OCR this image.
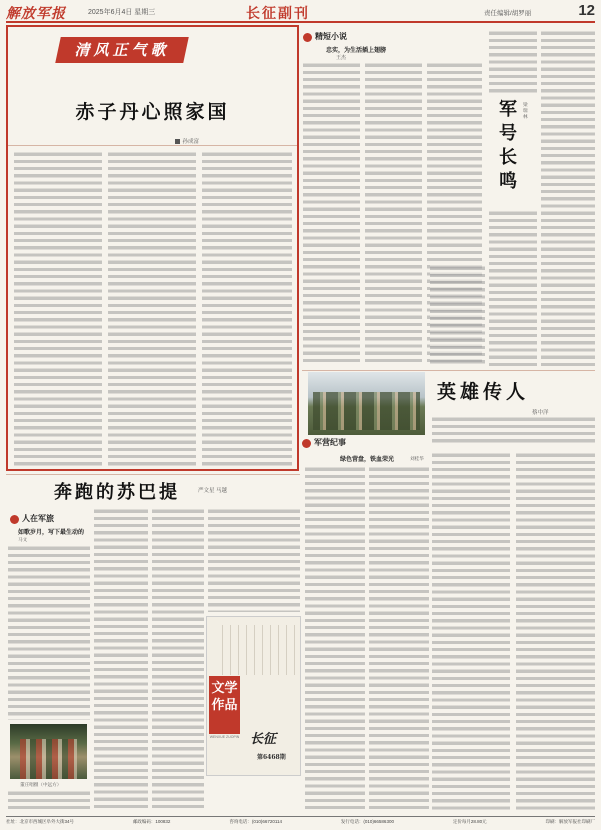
解放军报	2025年6月4日 星期三	长征副刊	责任编辑/胡罗丽	12
清风正气歌
赤子丹心照家国
孙成富
精短小说
忠实，为生活插上翅膀
王杰
军
号
长
鸣
梁瑞林
英雄传人
蔡中洋
军营纪事
绿色营盘，铁血荣光	刘桂华
奔跑的苏巴提	严文星 马越
人在军旅
如歌岁月，写下最生动的
马文
董庄唱摄（中远方）
文学作品
WENXUE ZUOPIN 长征
第6468期
社址：北京市西城区阜外大街34号	邮政编码：100832	咨询电话：(010)66720114	发行电话：(010)66586300	定价每月28.80元	印刷：解放军报社印刷厂
